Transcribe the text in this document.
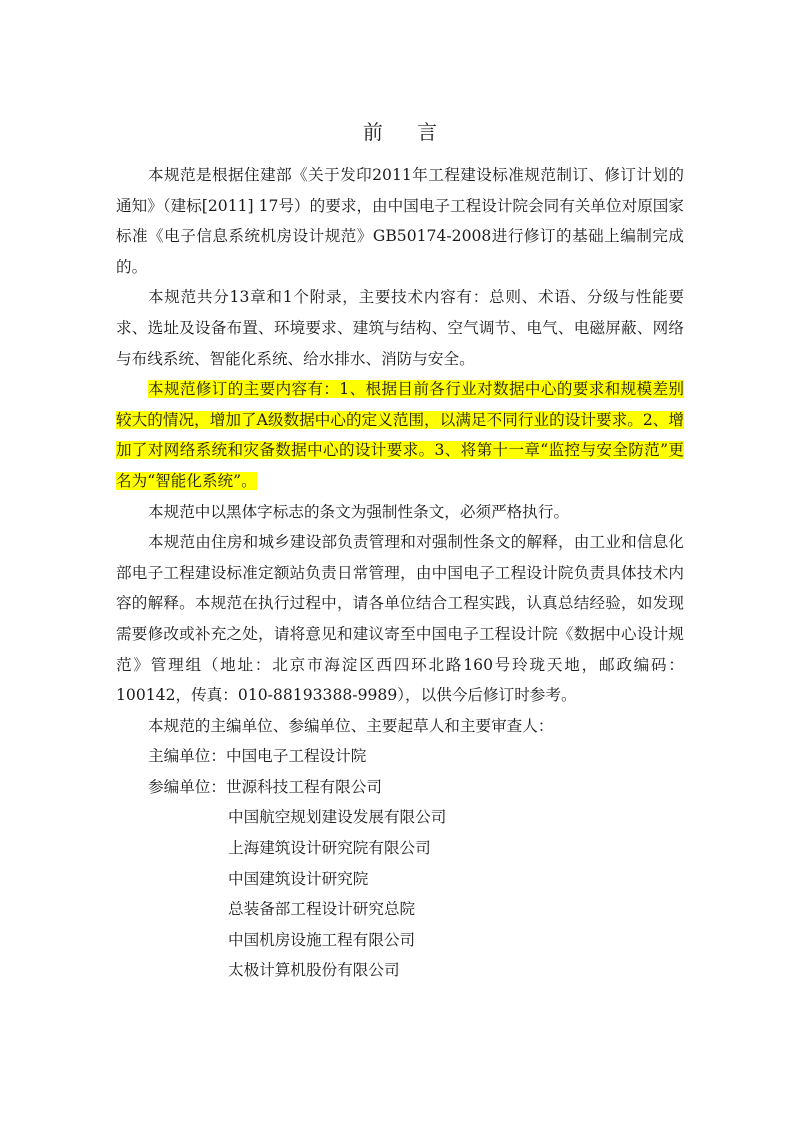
前 言

本规范是根据住建部《关于发印2011年工程建设标准规范制订、修订计划的通知》（建标[2011] 17号）的要求，由中国电子工程设计院会同有关单位对原国家标准《电子信息系统机房设计规范》GB50174-2008进行修订的基础上编制完成的。

本规范共分13章和1个附录，主要技术内容有：总则、术语、分级与性能要求、选址及设备布置、环境要求、建筑与结构、空气调节、电气、电磁屏蔽、网络与布线系统、智能化系统、给水排水、消防与安全。

本规范修订的主要内容有：1、根据目前各行业对数据中心的要求和规模差别较大的情况，增加了A级数据中心的定义范围，以满足不同行业的设计要求。2、增加了对网络系统和灾备数据中心的设计要求。3、将第十一章“监控与安全防范”更名为“智能化系统”。

本规范中以黑体字标志的条文为强制性条文，必须严格执行。

本规范由住房和城乡建设部负责管理和对强制性条文的解释，由工业和信息化部电子工程建设标准定额站负责日常管理，由中国电子工程设计院负责具体技术内容的解释。本规范在执行过程中，请各单位结合工程实践，认真总结经验，如发现需要修改或补充之处，请将意见和建议寄至中国电子工程设计院《数据中心设计规范》管理组（地址：北京市海淀区西四环北路160号玲珑天地，邮政编码：100142，传真：010-88193388-9989），以供今后修订时参考。

本规范的主编单位、参编单位、主要起草人和主要审查人：

主编单位：中国电子工程设计院

参编单位：世源科技工程有限公司

中国航空规划建设发展有限公司

上海建筑设计研究院有限公司

中国建筑设计研究院

总装备部工程设计研究总院

中国机房设施工程有限公司

太极计算机股份有限公司
